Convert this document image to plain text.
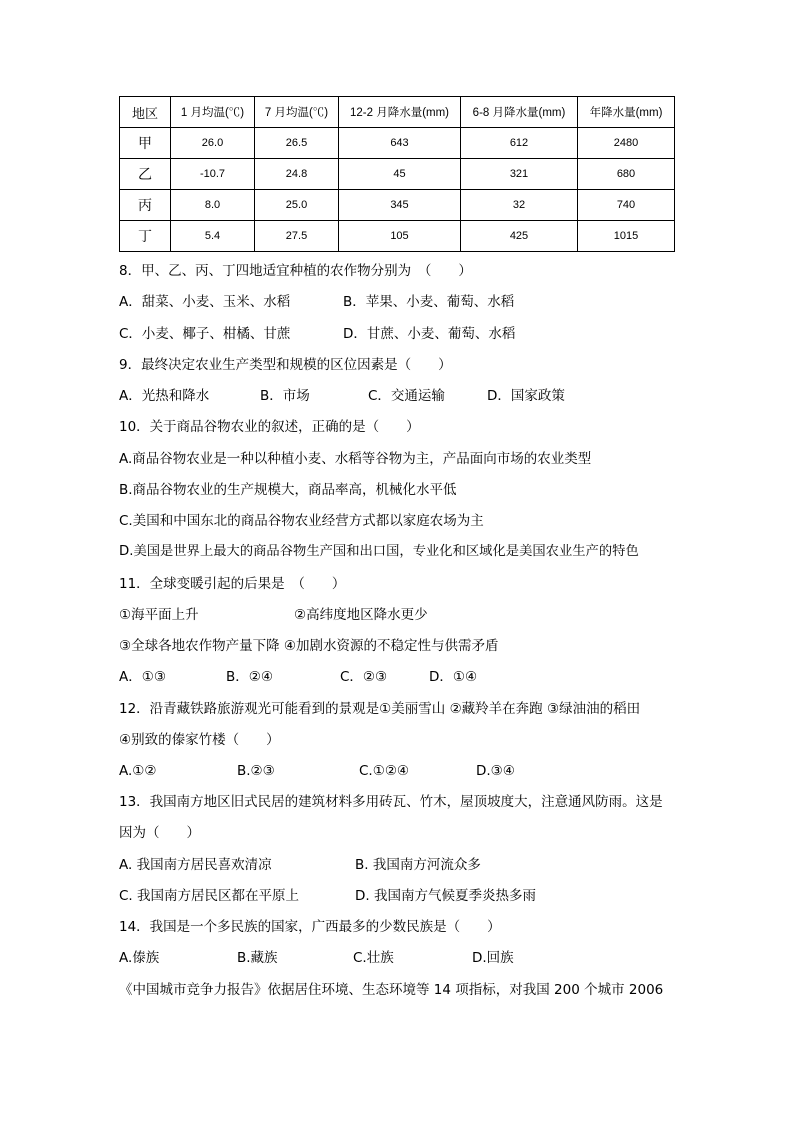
地区	1 月均温(℃)	7 月均温(℃)	12-2 月降水量(mm)	6-8 月降水量(mm)	年降水量(mm)
甲	26.0	26.5	643	612	2480
乙	-10.7	24.8	45	321	680
丙	8.0	25.0	345	32	740
丁	5.4	27.5	105	425	1015
8．甲、乙、丙、丁四地适宜种植的农作物分别为　（　　）
A．甜菜、小麦、玉米、水稻	B．苹果、小麦、葡萄、水稻
C．小麦、椰子、柑橘、甘蔗	D．甘蔗、小麦、葡萄、水稻
9．最终决定农业生产类型和规模的区位因素是（　　）
A．光热和降水	B．市场	C．交通运输	D．国家政策
10．关于商品谷物农业的叙述，正确的是（　　）
A.商品谷物农业是一种以种植小麦、水稻等谷物为主，产品面向市场的农业类型
B.商品谷物农业的生产规模大，商品率高，机械化水平低
C.美国和中国东北的商品谷物农业经营方式都以家庭农场为主
D.美国是世界上最大的商品谷物生产国和出口国，专业化和区域化是美国农业生产的特色
11．全球变暖引起的后果是　（　　）
①海平面上升	②高纬度地区降水更少
③全球各地农作物产量下降 ④加剧水资源的不稳定性与供需矛盾
A．①③	B．②④	C．②③	D．①④
12．沿青藏铁路旅游观光可能看到的景观是①美丽雪山 ②藏羚羊在奔跑 ③绿油油的稻田
④别致的傣家竹楼（　　）
A.①②	B.②③	C.①②④	D.③④
13．我国南方地区旧式民居的建筑材料多用砖瓦、竹木，屋顶坡度大，注意通风防雨。这是
因为（　　）
A. 我国南方居民喜欢清凉	B. 我国南方河流众多
C. 我国南方居民区都在平原上	D. 我国南方气候夏季炎热多雨
14．我国是一个多民族的国家，广西最多的少数民族是（　　）
A.傣族	B.藏族	C.壮族	D.回族
《中国城市竞争力报告》依据居住环境、生态环境等 14 项指标，对我国 200 个城市 2006
